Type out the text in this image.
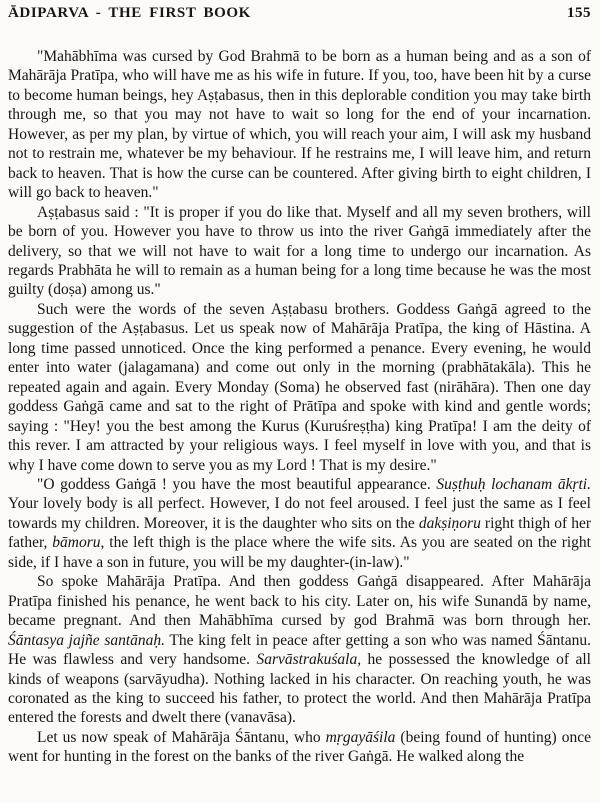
ĀDIPARVA - THE FIRST BOOK	155

"Mahābhīma was cursed by God Brahmā to be born as a human being and as a son of Mahārāja Pratīpa, who will have me as his wife in future. If you, too, have been hit by a curse to become human beings, hey Aṣṭabasus, then in this deplorable condition you may take birth through me, so that you may not have to wait so long for the end of your incarnation. However, as per my plan, by virtue of which, you will reach your aim, I will ask my husband not to restrain me, whatever be my behaviour. If he restrains me, I will leave him, and return back to heaven. That is how the curse can be countered. After giving birth to eight children, I will go back to heaven."

Aṣṭabasus said : "It is proper if you do like that. Myself and all my seven brothers, will be born of you. However you have to throw us into the river Gaṅgā immediately after the delivery, so that we will not have to wait for a long time to undergo our incarnation. As regards Prabhāta he will to remain as a human being for a long time because he was the most guilty (doṣa) among us."

Such were the words of the seven Aṣṭabasu brothers. Goddess Gaṅgā agreed to the suggestion of the Aṣṭabasus. Let us speak now of Mahārāja Pratīpa, the king of Hāstina. A long time passed unnoticed. Once the king performed a penance. Every evening, he would enter into water (jalagamana) and come out only in the morning (prabhātakāla). This he repeated again and again. Every Monday (Soma) he observed fast (nirāhāra). Then one day goddess Gaṅgā came and sat to the right of Prātīpa and spoke with kind and gentle words; saying : "Hey! you the best among the Kurus (Kuruśreṣṭha) king Pratīpa! I am the deity of this rever. I am attracted by your religious ways. I feel myself in love with you, and that is why I have come down to serve you as my Lord ! That is my desire."

"O goddess Gaṅgā ! you have the most beautiful appearance. Suṣṭhuḥ lochanam ākṛti. Your lovely body is all perfect. However, I do not feel aroused. I feel just the same as I feel towards my children. Moreover, it is the daughter who sits on the dakṣiṇoru right thigh of her father, bāmoru, the left thigh is the place where the wife sits. As you are seated on the right side, if I have a son in future, you will be my daughter-(in-law)."

So spoke Mahārāja Pratīpa. And then goddess Gaṅgā disappeared. After Mahārāja Pratīpa finished his penance, he went back to his city. Later on, his wife Sunandā by name, became pregnant. And then Mahābhīma cursed by god Brahmā was born through her. Śāntasya jajñe santānaḥ. The king felt in peace after getting a son who was named Śāntanu. He was flawless and very handsome. Sarvāstrakuśala, he possessed the knowledge of all kinds of weapons (sarvāyudha). Nothing lacked in his character. On reaching youth, he was coronated as the king to succeed his father, to protect the world. And then Mahārāja Pratīpa entered the forests and dwelt there (vanavāsa).

Let us now speak of Mahārāja Śāntanu, who mṛgayāśila (being found of hunting) once went for hunting in the forest on the banks of the river Gaṅgā. He walked along the
